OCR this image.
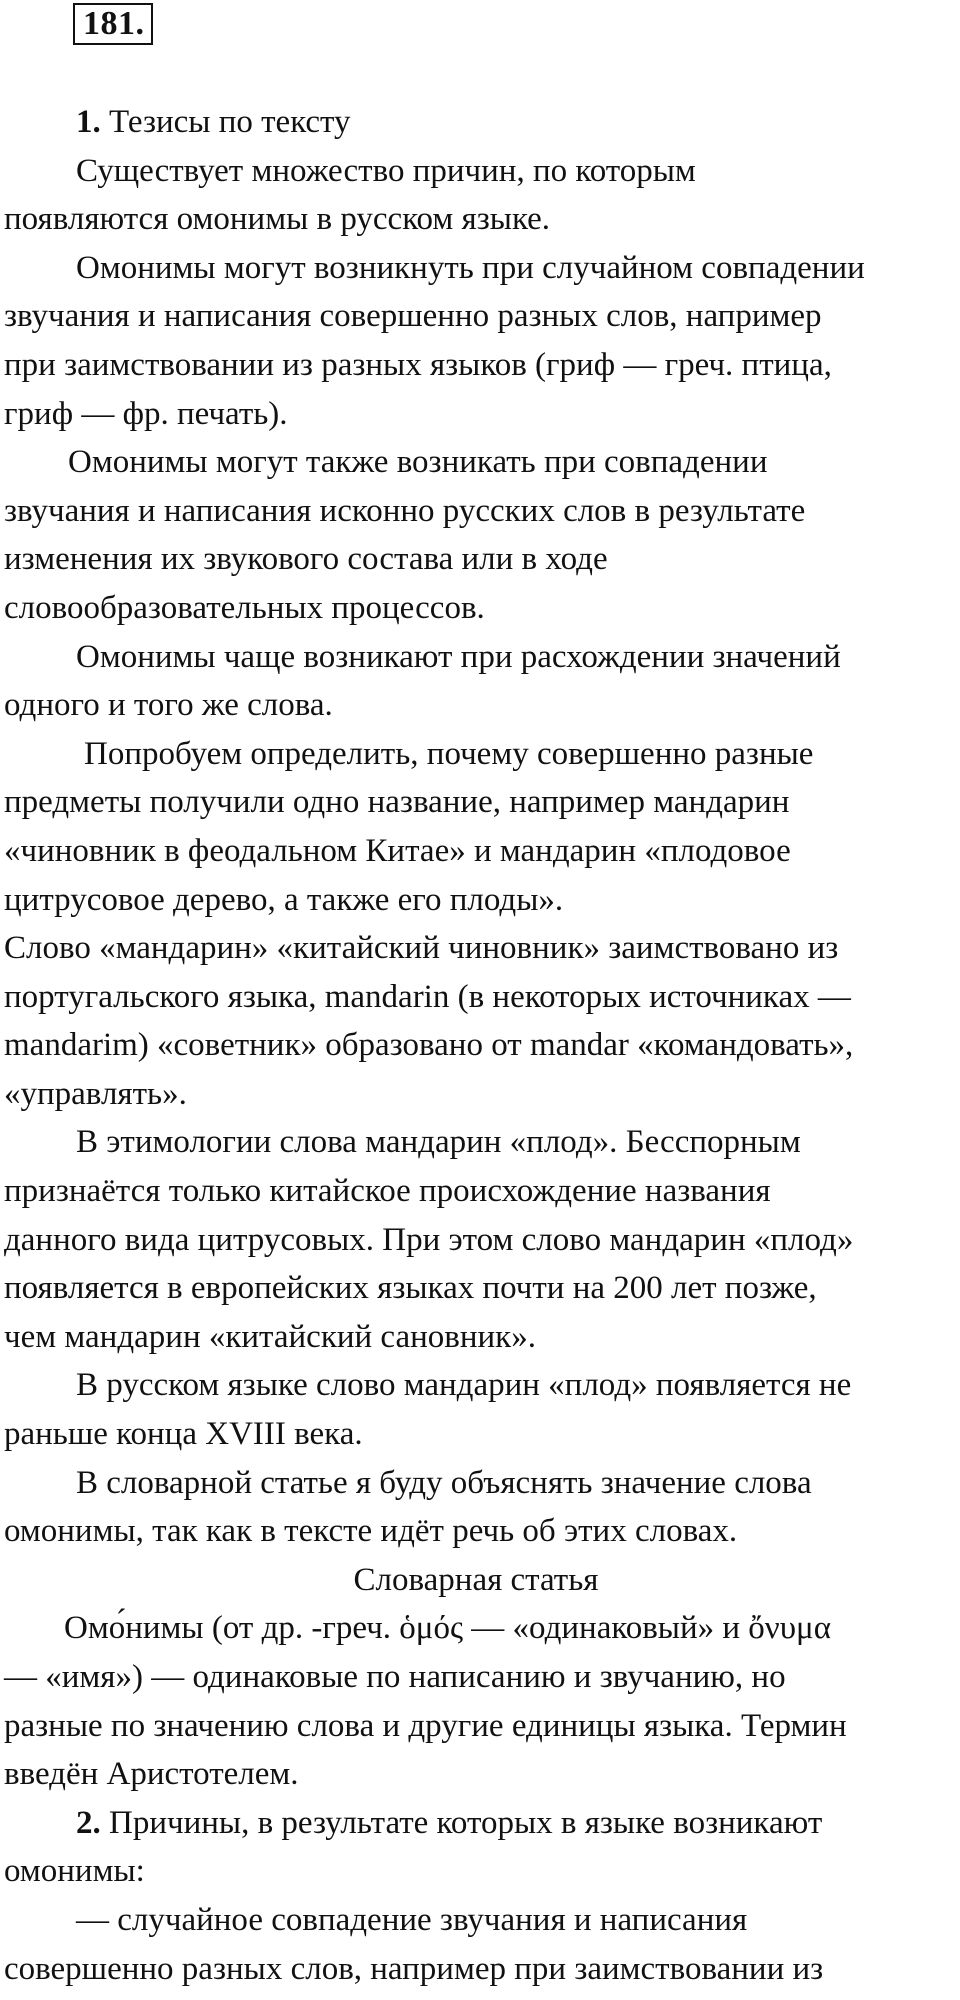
181.
1. Тезисы по тексту
Существует множество причин, по которым
появляются омонимы в русском языке.
Омонимы могут возникнуть при случайном совпадении
звучания и написания совершенно разных слов, например
при заимствовании из разных языков (гриф — греч. птица,
гриф — фр. печать).
Омонимы могут также возникать при совпадении
звучания и написания исконно русских слов в результате
изменения их звукового состава или в ходе
словообразовательных процессов.
Омонимы чаще возникают при расхождении значений
одного и того же слова.
Попробуем определить, почему совершенно разные
предметы получили одно название, например мандарин
«чиновник в феодальном Китае» и мандарин «плодовое
цитрусовое дерево, а также его плоды».
Слово «мандарин» «китайский чиновник» заимствовано из
португальского языка, mandarin (в некоторых источниках —
mandarim) «советник» образовано от mandar «командовать»,
«управлять».
В этимологии слова мандарин «плод». Бесспорным
признаётся только китайское происхождение названия
данного вида цитрусовых. При этом слово мандарин «плод»
появляется в европейских языках почти на 200 лет позже,
чем мандарин «китайский сановник».
В русском языке слово мандарин «плод» появляется не
раньше конца XVIII века.
В словарной статье я буду объяснять значение слова
омонимы, так как в тексте идёт речь об этих словах.
Словарная статья
Омо́нимы (от др. -греч. ὁμός — «одинаковый» и ὄνυμα
— «имя») — одинаковые по написанию и звучанию, но
разные по значению слова и другие единицы языка. Термин
введён Аристотелем.
2. Причины, в результате которых в языке возникают
омонимы:
— случайное совпадение звучания и написания
совершенно разных слов, например при заимствовании из
